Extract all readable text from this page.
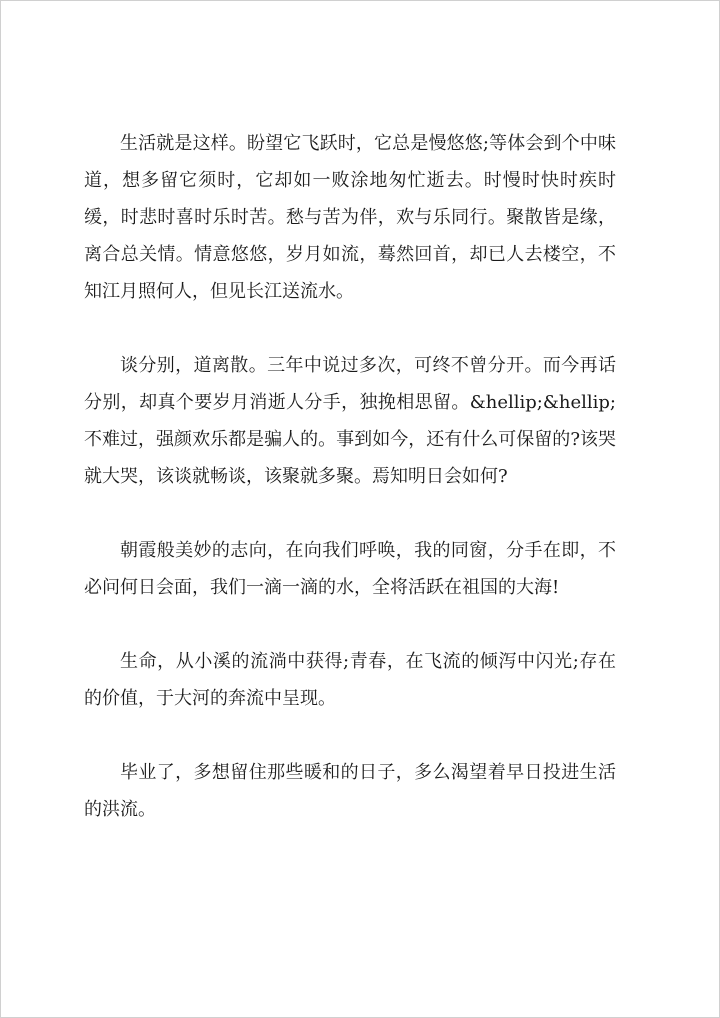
生活就是这样。盼望它飞跃时，它总是慢悠悠;等体会到个中味道，想多留它须时，它却如一败涂地匆忙逝去。时慢时快时疾时缓，时悲时喜时乐时苦。愁与苦为伴，欢与乐同行。聚散皆是缘，离合总关情。情意悠悠，岁月如流，蓦然回首，却已人去楼空，不知江月照何人，但见长江送流水。

谈分别，道离散。三年中说过多次，可终不曾分开。而今再话分别，却真个要岁月消逝人分手，独挽相思留。&hellip;&hellip;不难过，强颜欢乐都是骗人的。事到如今，还有什么可保留的?该哭就大哭，该谈就畅谈，该聚就多聚。焉知明日会如何?

朝霞般美妙的志向，在向我们呼唤，我的同窗，分手在即，不必问何日会面，我们一滴一滴的水，全将活跃在祖国的大海!

生命，从小溪的流淌中获得;青春，在飞流的倾泻中闪光;存在的价值，于大河的奔流中呈现。

毕业了，多想留住那些暖和的日子，多么渴望着早日投进生活的洪流。
